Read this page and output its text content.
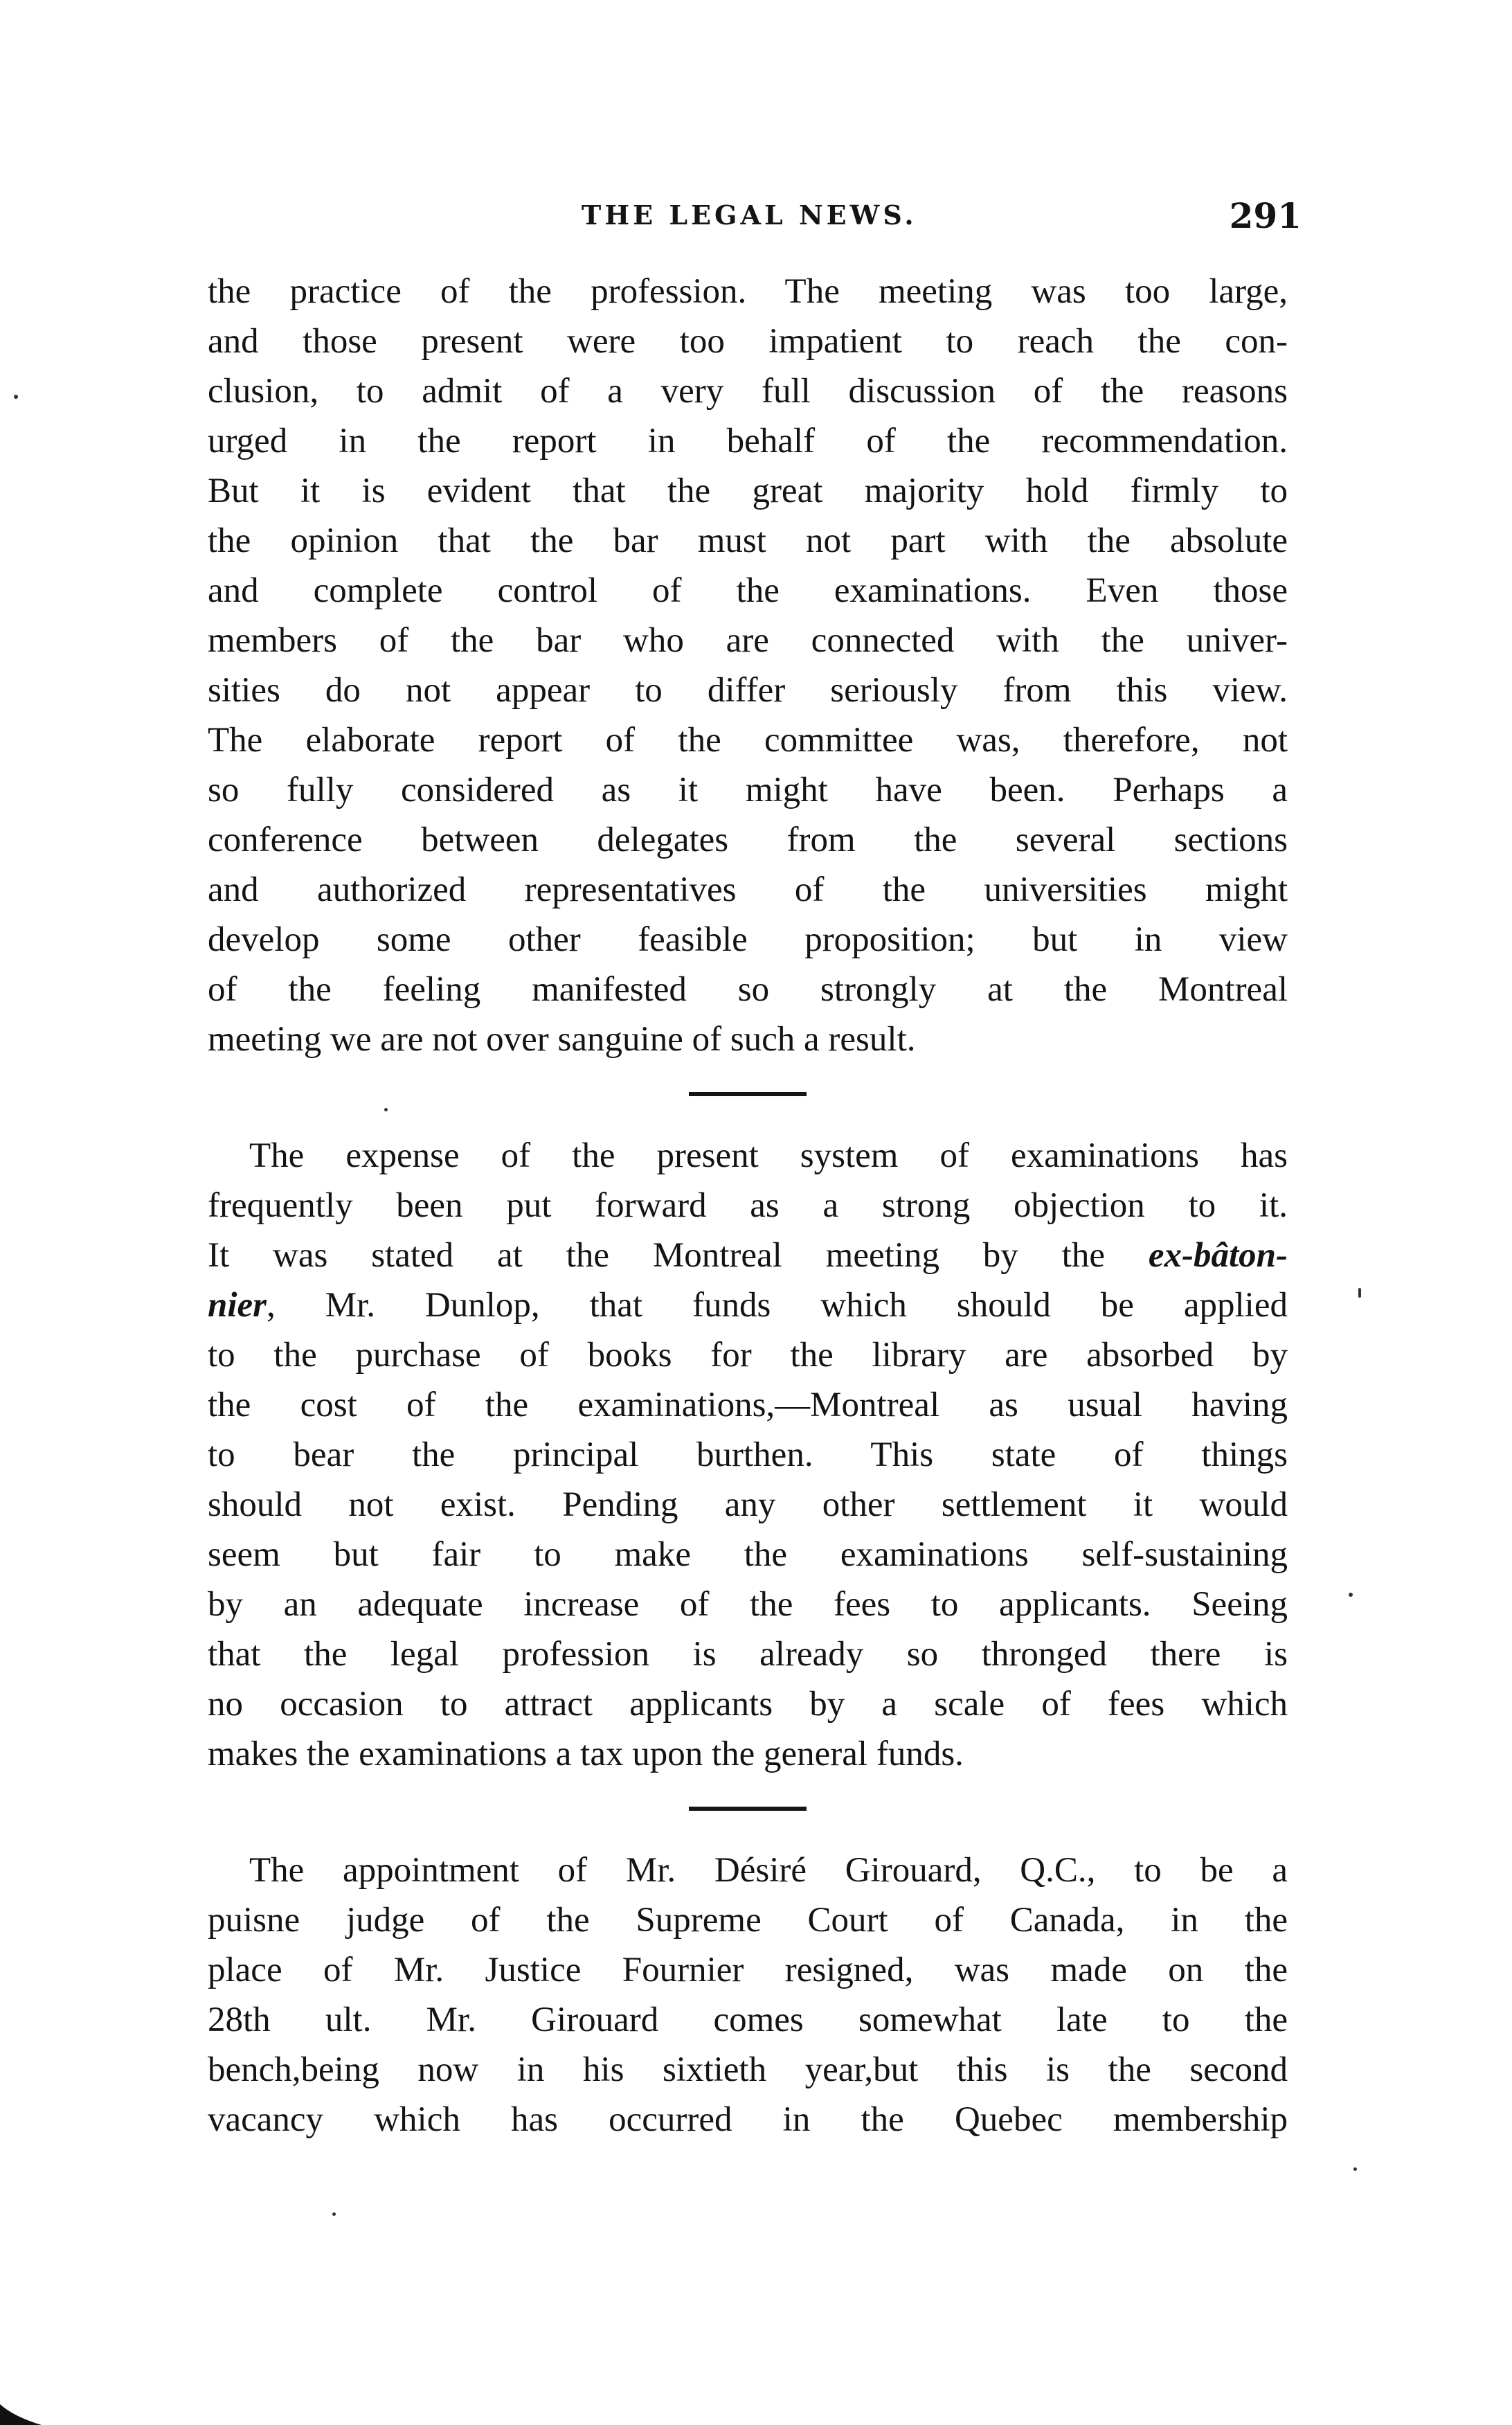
THE LEGAL NEWS.	291

the practice of the profession. The meeting was too large,
and those present were too impatient to reach the con-
clusion, to admit of a very full discussion of the reasons
urged in the report in behalf of the recommendation.
But it is evident that the great majority hold firmly to
the opinion that the bar must not part with the absolute
and complete control of the examinations. Even those
members of the bar who are connected with the univer-
sities do not appear to differ seriously from this view.
The elaborate report of the committee was, therefore, not
so fully considered as it might have been. Perhaps a
conference between delegates from the several sections
and authorized representatives of the universities might
develop some other feasible proposition; but in view
of the feeling manifested so strongly at the Montreal
meeting we are not over sanguine of such a result.

The expense of the present system of examinations has
frequently been put forward as a strong objection to it.
It was stated at the Montreal meeting by the ex-bâton-
nier, Mr. Dunlop, that funds which should be applied
to the purchase of books for the library are absorbed by
the cost of the examinations,—Montreal as usual having
to bear the principal burthen. This state of things
should not exist. Pending any other settlement it would
seem but fair to make the examinations self-sustaining
by an adequate increase of the fees to applicants. Seeing
that the legal profession is already so thronged there is
no occasion to attract applicants by a scale of fees which
makes the examinations a tax upon the general funds.

The appointment of Mr. Désiré Girouard, Q.C., to be a
puisne judge of the Supreme Court of Canada, in the
place of Mr. Justice Fournier resigned, was made on the
28th ult. Mr. Girouard comes somewhat late to the
bench,being now in his sixtieth year,but this is the second
vacancy which has occurred in the Quebec membership
